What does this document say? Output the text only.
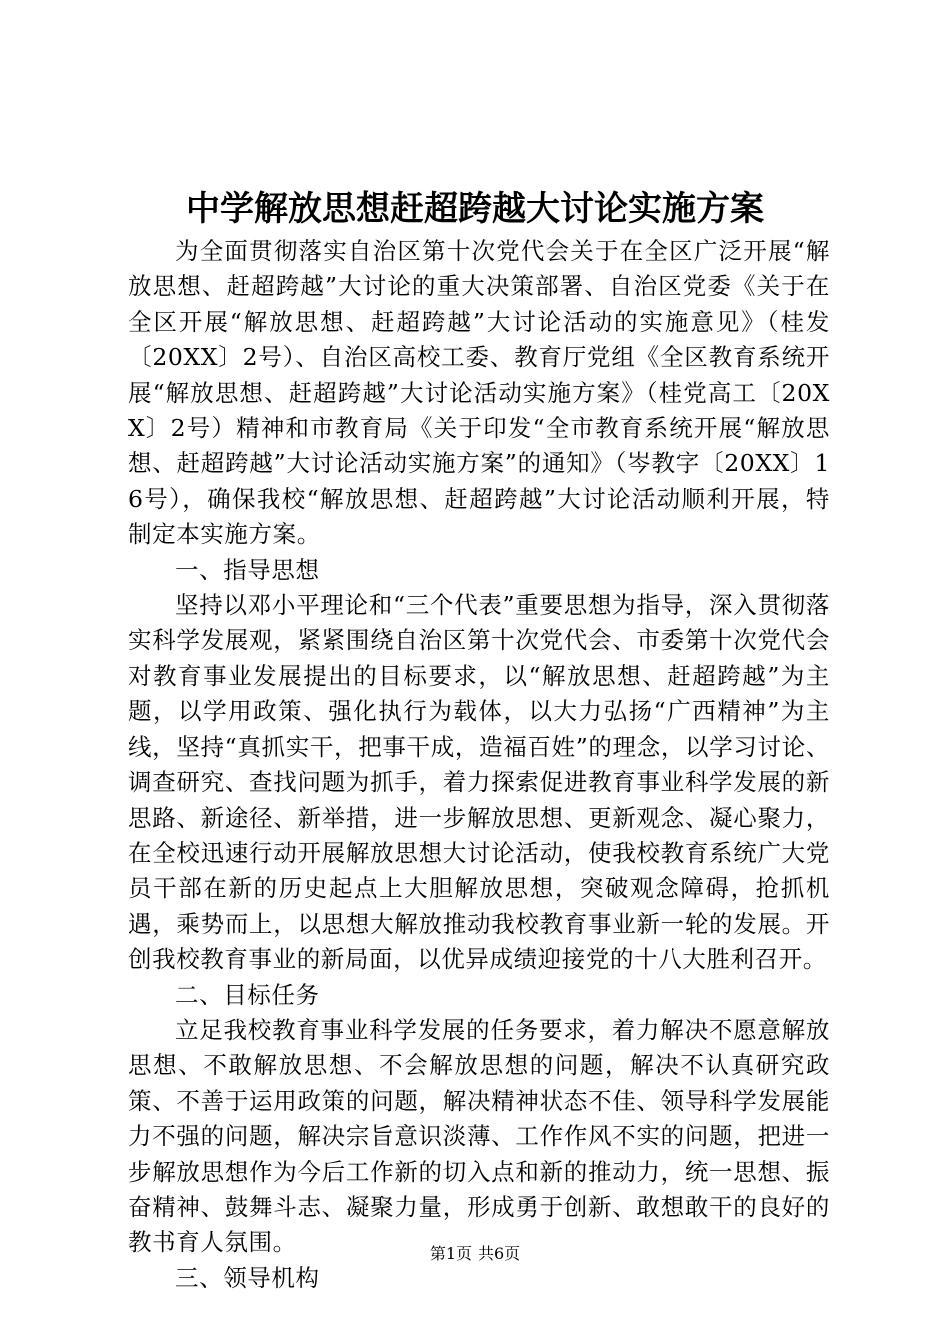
中学解放思想赶超跨越大讨论实施方案

为全面贯彻落实自治区第十次党代会关于在全区广泛开展“解放思想、赶超跨越”大讨论的重大决策部署、自治区党委《关于在全区开展“解放思想、赶超跨越”大讨论活动的实施意见》（桂发〔20XX〕2号）、自治区高校工委、教育厅党组《全区教育系统开展“解放思想、赶超跨越”大讨论活动实施方案》（桂党高工〔20XX〕2号）精神和市教育局《关于印发“全市教育系统开展“解放思想、赶超跨越”大讨论活动实施方案”的通知》（岑教字〔20XX〕16号），确保我校“解放思想、赶超跨越”大讨论活动顺利开展，特制定本实施方案。

一、指导思想

坚持以邓小平理论和“三个代表”重要思想为指导，深入贯彻落实科学发展观，紧紧围绕自治区第十次党代会、市委第十次党代会对教育事业发展提出的目标要求，以“解放思想、赶超跨越”为主题，以学用政策、强化执行为载体，以大力弘扬“广西精神”为主线，坚持“真抓实干，把事干成，造福百姓”的理念，以学习讨论、调查研究、查找问题为抓手，着力探索促进教育事业科学发展的新思路、新途径、新举措，进一步解放思想、更新观念、凝心聚力，在全校迅速行动开展解放思想大讨论活动，使我校教育系统广大党员干部在新的历史起点上大胆解放思想，突破观念障碍，抢抓机遇，乘势而上，以思想大解放推动我校教育事业新一轮的发展。开创我校教育事业的新局面，以优异成绩迎接党的十八大胜利召开。

二、目标任务

立足我校教育事业科学发展的任务要求，着力解决不愿意解放思想、不敢解放思想、不会解放思想的问题，解决不认真研究政策、不善于运用政策的问题，解决精神状态不佳、领导科学发展能力不强的问题，解决宗旨意识淡薄、工作作风不实的问题，把进一步解放思想作为今后工作新的切入点和新的推动力，统一思想、振奋精神、鼓舞斗志、凝聚力量，形成勇于创新、敢想敢干的良好的教书育人氛围。

三、领导机构

第1页 共6页
